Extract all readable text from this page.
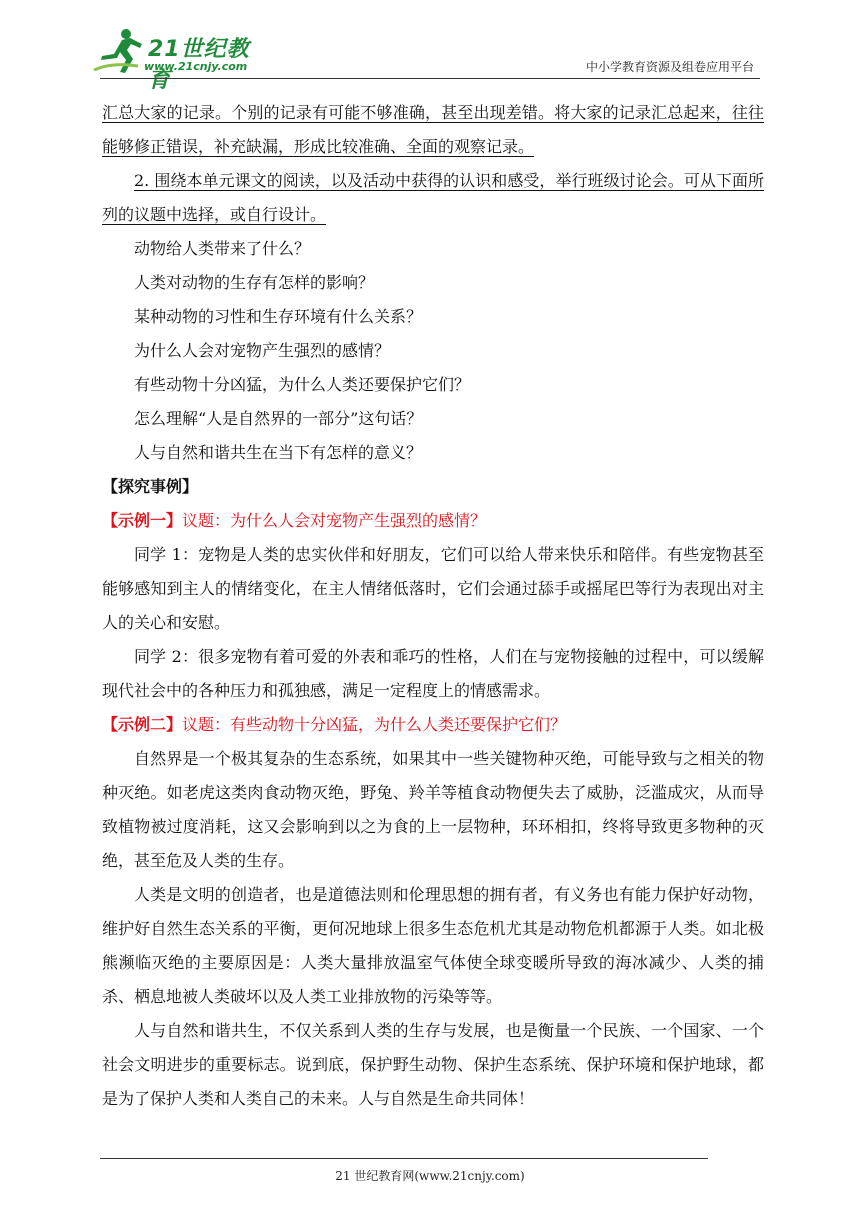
21世纪教育
www.21cnjy.com	中小学教育资源及组卷应用平台

汇总大家的记录。个别的记录有可能不够准确，甚至出现差错。将大家的记录汇总起来，往往能够修正错误，补充缺漏，形成比较准确、全面的观察记录。

2. 围绕本单元课文的阅读，以及活动中获得的认识和感受，举行班级讨论会。可从下面所列的议题中选择，或自行设计。

动物给人类带来了什么？

人类对动物的生存有怎样的影响？

某种动物的习性和生存环境有什么关系？

为什么人会对宠物产生强烈的感情？

有些动物十分凶猛，为什么人类还要保护它们？

怎么理解“人是自然界的一部分”这句话？

人与自然和谐共生在当下有怎样的意义？

【探究事例】

【示例一】议题：为什么人会对宠物产生强烈的感情？

同学 1：宠物是人类的忠实伙伴和好朋友，它们可以给人带来快乐和陪伴。有些宠物甚至能够感知到主人的情绪变化，在主人情绪低落时，它们会通过舔手或摇尾巴等行为表现出对主人的关心和安慰。

同学 2：很多宠物有着可爱的外表和乖巧的性格，人们在与宠物接触的过程中，可以缓解现代社会中的各种压力和孤独感，满足一定程度上的情感需求。

【示例二】议题：有些动物十分凶猛，为什么人类还要保护它们？

自然界是一个极其复杂的生态系统，如果其中一些关键物种灭绝，可能导致与之相关的物种灭绝。如老虎这类肉食动物灭绝，野兔、羚羊等植食动物便失去了威胁，泛滥成灾，从而导致植物被过度消耗，这又会影响到以之为食的上一层物种，环环相扣，终将导致更多物种的灭绝，甚至危及人类的生存。

人类是文明的创造者，也是道德法则和伦理思想的拥有者，有义务也有能力保护好动物，维护好自然生态关系的平衡，更何况地球上很多生态危机尤其是动物危机都源于人类。如北极熊濒临灭绝的主要原因是：人类大量排放温室气体使全球变暖所导致的海冰减少、人类的捕杀、栖息地被人类破坏以及人类工业排放物的污染等等。

人与自然和谐共生，不仅关系到人类的生存与发展，也是衡量一个民族、一个国家、一个社会文明进步的重要标志。说到底，保护野生动物、保护生态系统、保护环境和保护地球，都是为了保护人类和人类自己的未来。人与自然是生命共同体！

21 世纪教育网(www.21cnjy.com)
